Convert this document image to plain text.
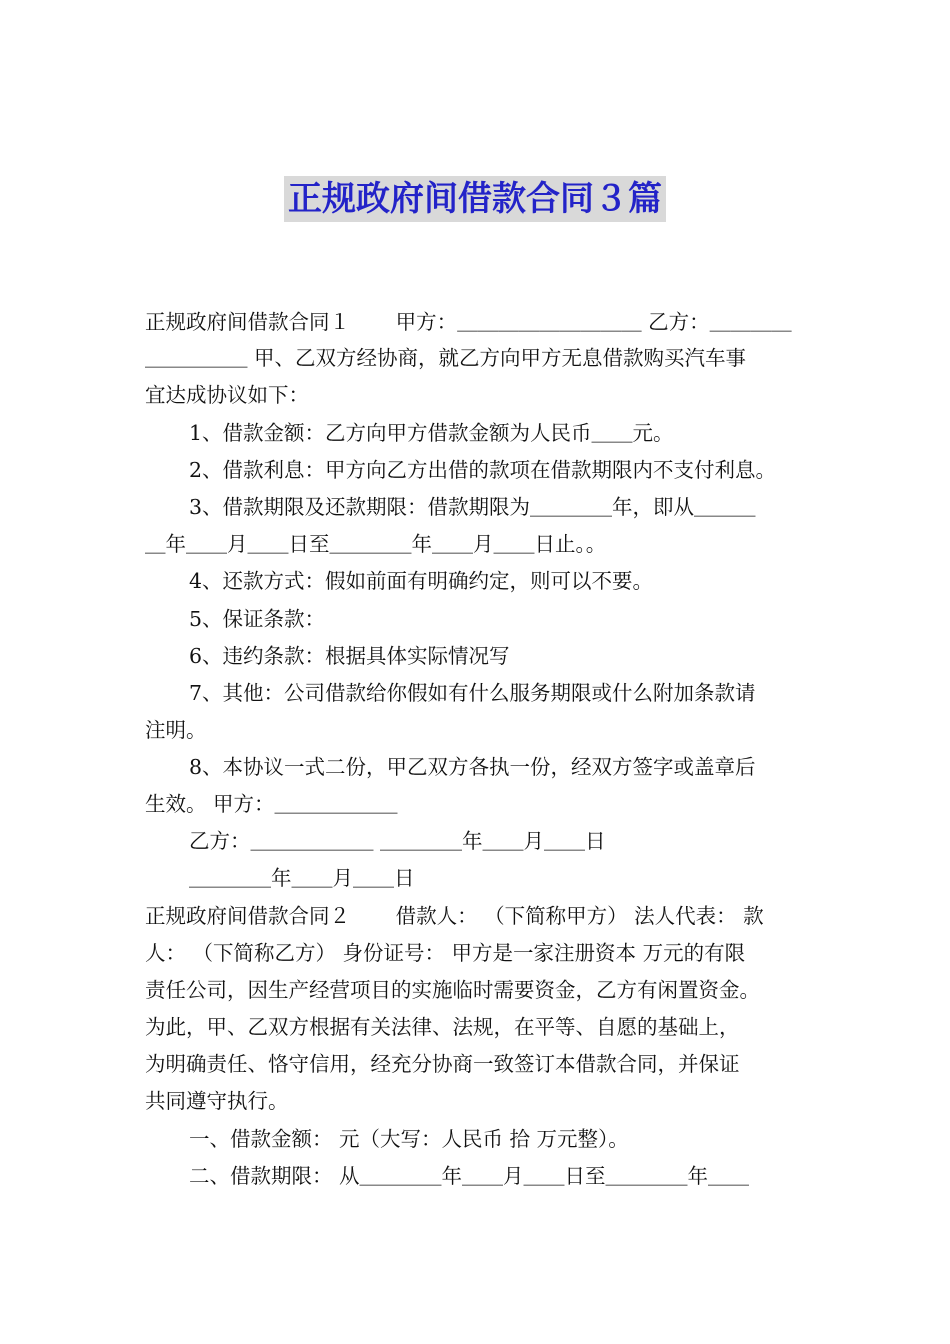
正规政府间借款合同３篇
正规政府间借款合同１       甲方：＿＿＿＿＿＿＿＿＿ 乙方：＿＿＿＿
＿＿＿＿＿ 甲、乙双方经协商，就乙方向甲方无息借款购买汽车事
宜达成协议如下：
1、借款金额：乙方向甲方借款金额为人民币＿＿元。
2、借款利息：甲方向乙方出借的款项在借款期限内不支付利息。
3、借款期限及还款期限：借款期限为＿＿＿＿年，即从＿＿＿
＿年＿＿月＿＿日至＿＿＿＿年＿＿月＿＿日止。。
4、还款方式：假如前面有明确约定，则可以不要。
5、保证条款：
6、违约条款：根据具体实际情况写
7、其他：公司借款给你假如有什么服务期限或什么附加条款请
注明。
8、本协议一式二份，甲乙双方各执一份，经双方签字或盖章后
生效。 甲方：＿＿＿＿＿＿
乙方：＿＿＿＿＿＿ ＿＿＿＿年＿＿月＿＿日
＿＿＿＿年＿＿月＿＿日
正规政府间借款合同２       借款人： （下简称甲方） 法人代表： 款
人： （下简称乙方） 身份证号： 甲方是一家注册资本 万元的有限
责任公司，因生产经营项目的实施临时需要资金，乙方有闲置资金。
为此，甲、乙双方根据有关法律、法规，在平等、自愿的基础上，
为明确责任、恪守信用，经充分协商一致签订本借款合同，并保证
共同遵守执行。
一、借款金额： 元（大写：人民币 拾 万元整）。
二、借款期限： 从＿＿＿＿年＿＿月＿＿日至＿＿＿＿年＿＿
